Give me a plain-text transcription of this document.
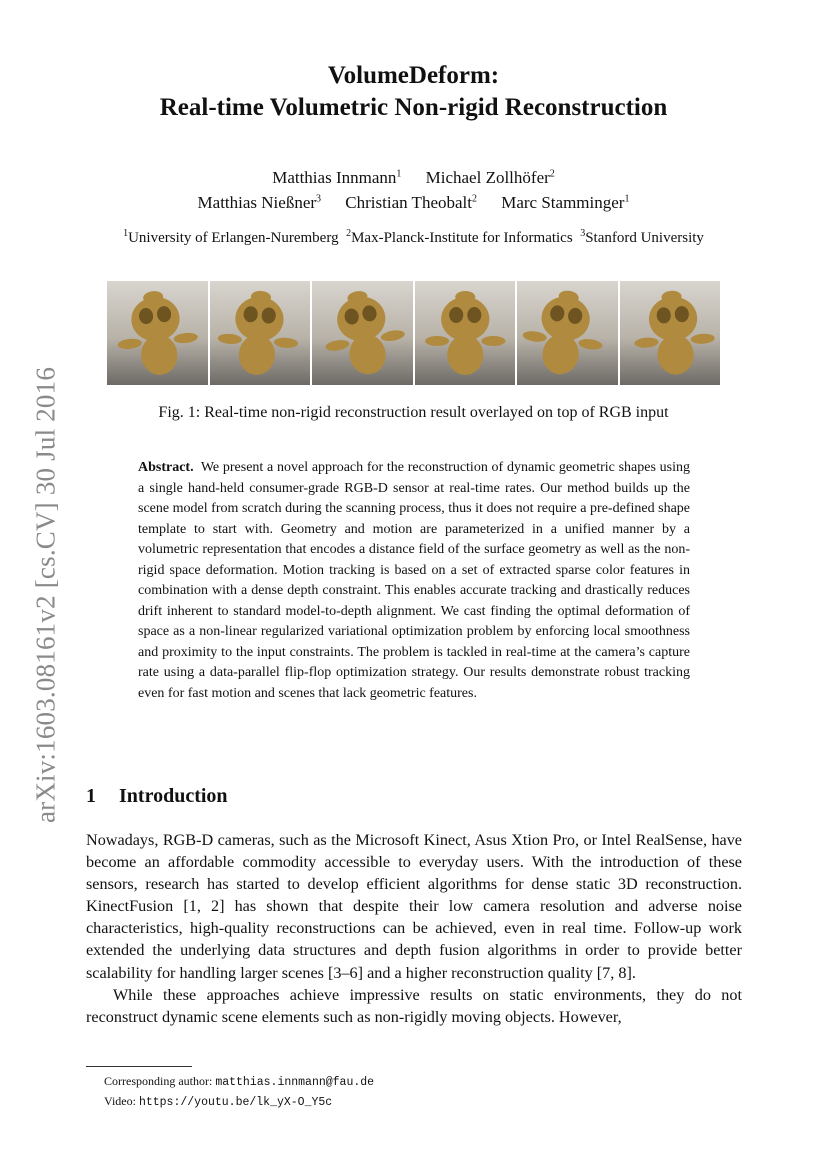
arXiv:1603.08161v2 [cs.CV] 30 Jul 2016
VolumeDeform:
Real-time Volumetric Non-rigid Reconstruction
Matthias Innmann$^1$ Michael Zollhöfer$^2$
Matthias Nießner$^3$ Christian Theobalt$^2$ Marc Stamminger$^1$
$^1$University of Erlangen-Nuremberg $^2$Max-Planck-Institute for Informatics $^3$Stanford University
Fig. 1: Real-time non-rigid reconstruction result overlayed on top of RGB input
Abstract. We present a novel approach for the reconstruction of dynamic geometric shapes using a single hand-held consumer-grade RGB-D sensor at real-time rates. Our method builds up the scene model from scratch during the scanning process, thus it does not require a pre-defined shape template to start with. Geometry and motion are parameterized in a unified manner by a volumetric representation that encodes a distance field of the surface geometry as well as the non-rigid space deformation. Motion tracking is based on a set of extracted sparse color features in combination with a dense depth constraint. This enables accurate tracking and drastically reduces drift inherent to standard model-to-depth alignment. We cast finding the optimal deformation of space as a non-linear regularized variational optimization problem by enforcing local smoothness and proximity to the input constraints. The problem is tackled in real-time at the camera’s capture rate using a data-parallel flip-flop optimization strategy. Our results demonstrate robust tracking even for fast motion and scenes that lack geometric features.
1 Introduction

Nowadays, RGB-D cameras, such as the Microsoft Kinect, Asus Xtion Pro, or Intel RealSense, have become an affordable commodity accessible to everyday users. With the introduction of these sensors, research has started to develop efficient algorithms for dense static 3D reconstruction. KinectFusion [1, 2] has shown that despite their low camera resolution and adverse noise characteristics, high-quality reconstructions can be achieved, even in real time. Follow-up work extended the underlying data structures and depth fusion algorithms in order to provide better scalability for handling larger scenes [3–6] and a higher reconstruction quality [7, 8].

While these approaches achieve impressive results on static environments, they do not reconstruct dynamic scene elements such as non-rigidly moving objects. However,

Corresponding author: matthias.innmann@fau.de
Video: https://youtu.be/lk_yX-O_Y5c
